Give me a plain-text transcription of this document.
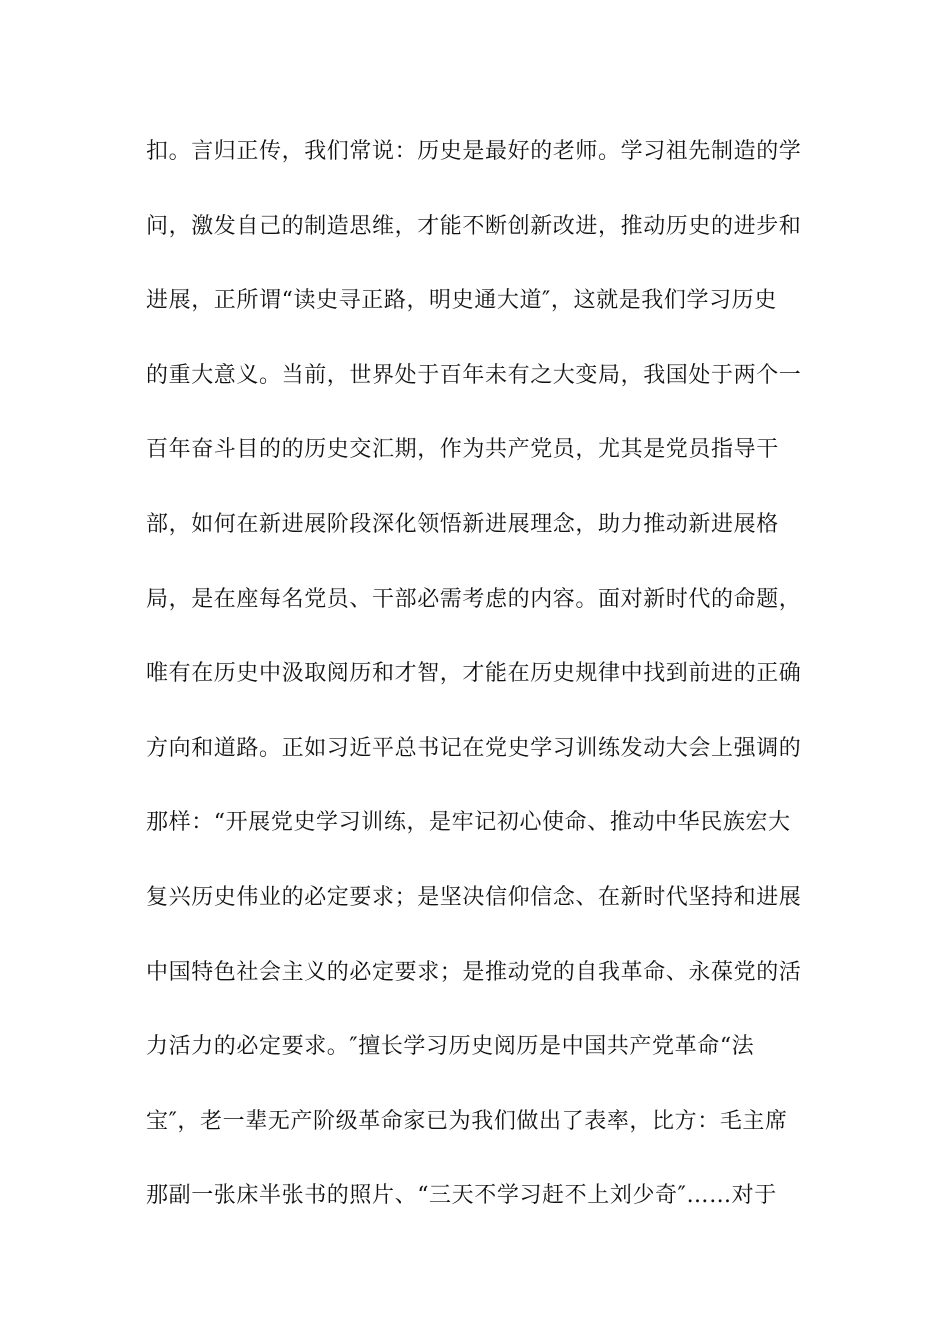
扣。言归正传，我们常说：历史是最好的老师。学习祖先制造的学
问，激发自己的制造思维，才能不断创新改进，推动历史的进步和
进展，正所谓“读史寻正路，明史通大道″，这就是我们学习历史
的重大意义。当前，世界处于百年未有之大变局，我国处于两个一
百年奋斗目的的历史交汇期，作为共产党员，尤其是党员指导干
部，如何在新进展阶段深化领悟新进展理念，助力推动新进展格
局，是在座每名党员、干部必需考虑的内容。面对新时代的命题，
唯有在历史中汲取阅历和才智，才能在历史规律中找到前进的正确
方向和道路。正如习近平总书记在党史学习训练发动大会上强调的
那样：“开展党史学习训练，是牢记初心使命、推动中华民族宏大
复兴历史伟业的必定要求；是坚决信仰信念、在新时代坚持和进展
中国特色社会主义的必定要求；是推动党的自我革命、永葆党的活
力活力的必定要求。″擅长学习历史阅历是中国共产党革命“法
宝″，老一辈无产阶级革命家已为我们做出了表率，比方：毛主席
那副一张床半张书的照片、“三天不学习赶不上刘少奇″……对于
